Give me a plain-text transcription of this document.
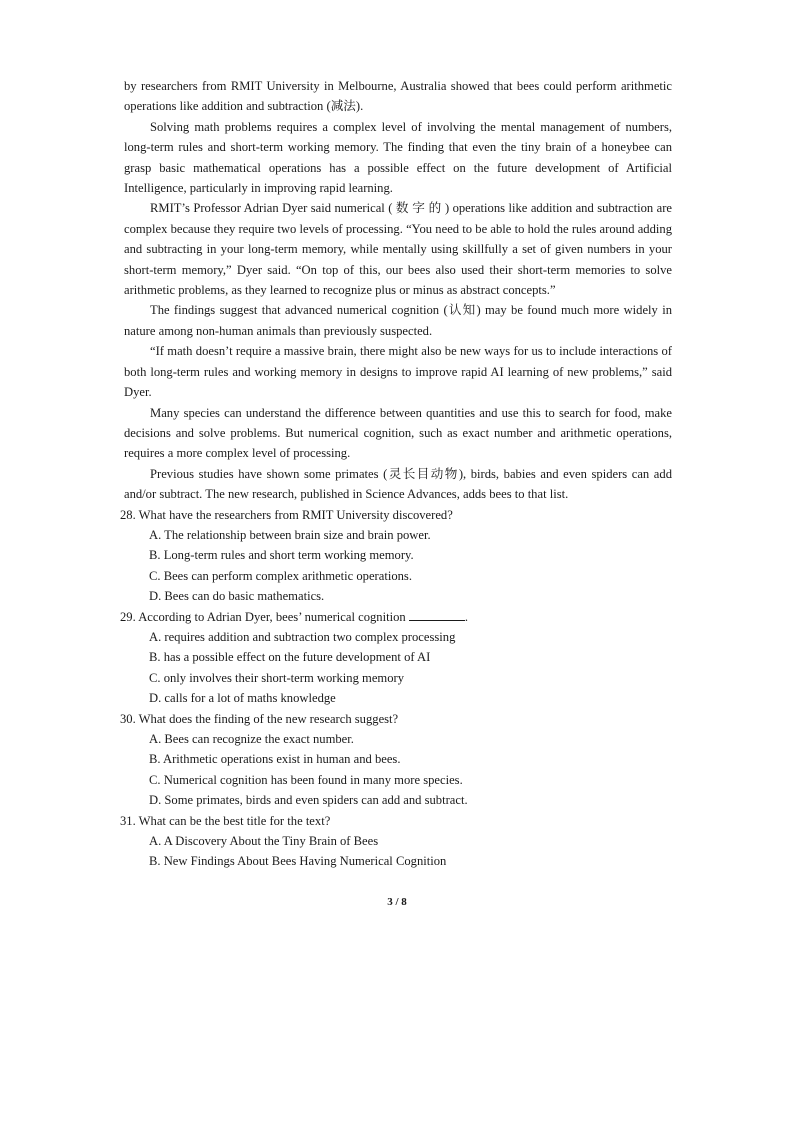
by researchers from RMIT University in Melbourne, Australia showed that bees could perform arithmetic operations like addition and subtraction (减法).

Solving math problems requires a complex level of involving the mental management of numbers, long-term rules and short-term working memory. The finding that even the tiny brain of a honeybee can grasp basic mathematical operations has a possible effect on the future development of Artificial Intelligence, particularly in improving rapid learning.

RMIT’s Professor Adrian Dyer said numerical ( 数 字 的 ) operations like addition and subtraction are complex because they require two levels of processing. “You need to be able to hold the rules around adding and subtracting in your long-term memory, while mentally using skillfully a set of given numbers in your short-term memory,” Dyer said. “On top of this, our bees also used their short-term memories to solve arithmetic problems, as they learned to recognize plus or minus as abstract concepts.”

The findings suggest that advanced numerical cognition (认知) may be found much more widely in nature among non-human animals than previously suspected.

“If math doesn’t require a massive brain, there might also be new ways for us to include interactions of both long-term rules and working memory in designs to improve rapid AI learning of new problems,” said Dyer.

Many species can understand the difference between quantities and use this to search for food, make decisions and solve problems. But numerical cognition, such as exact number and arithmetic operations, requires a more complex level of processing.

Previous studies have shown some primates (灵长目动物), birds, babies and even spiders can add and/or subtract. The new research, published in Science Advances, adds bees to that list.

28. What have the researchers from RMIT University discovered?

A. The relationship between brain size and brain power.

B. Long-term rules and short term working memory.

C. Bees can perform complex arithmetic operations.

D. Bees can do basic mathematics.

29. According to Adrian Dyer, bees’ numerical cognition	.

A. requires addition and subtraction two complex processing

B. has a possible effect on the future development of AI

C. only involves their short-term working memory

D. calls for a lot of maths knowledge

30. What does the finding of the new research suggest?

A. Bees can recognize the exact number.

B. Arithmetic operations exist in human and bees.

C. Numerical cognition has been found in many more species.

D. Some primates, birds and even spiders can add and subtract.

31. What can be the best title for the text?

A. A Discovery About the Tiny Brain of Bees

B. New Findings About Bees Having Numerical Cognition

3 / 8
